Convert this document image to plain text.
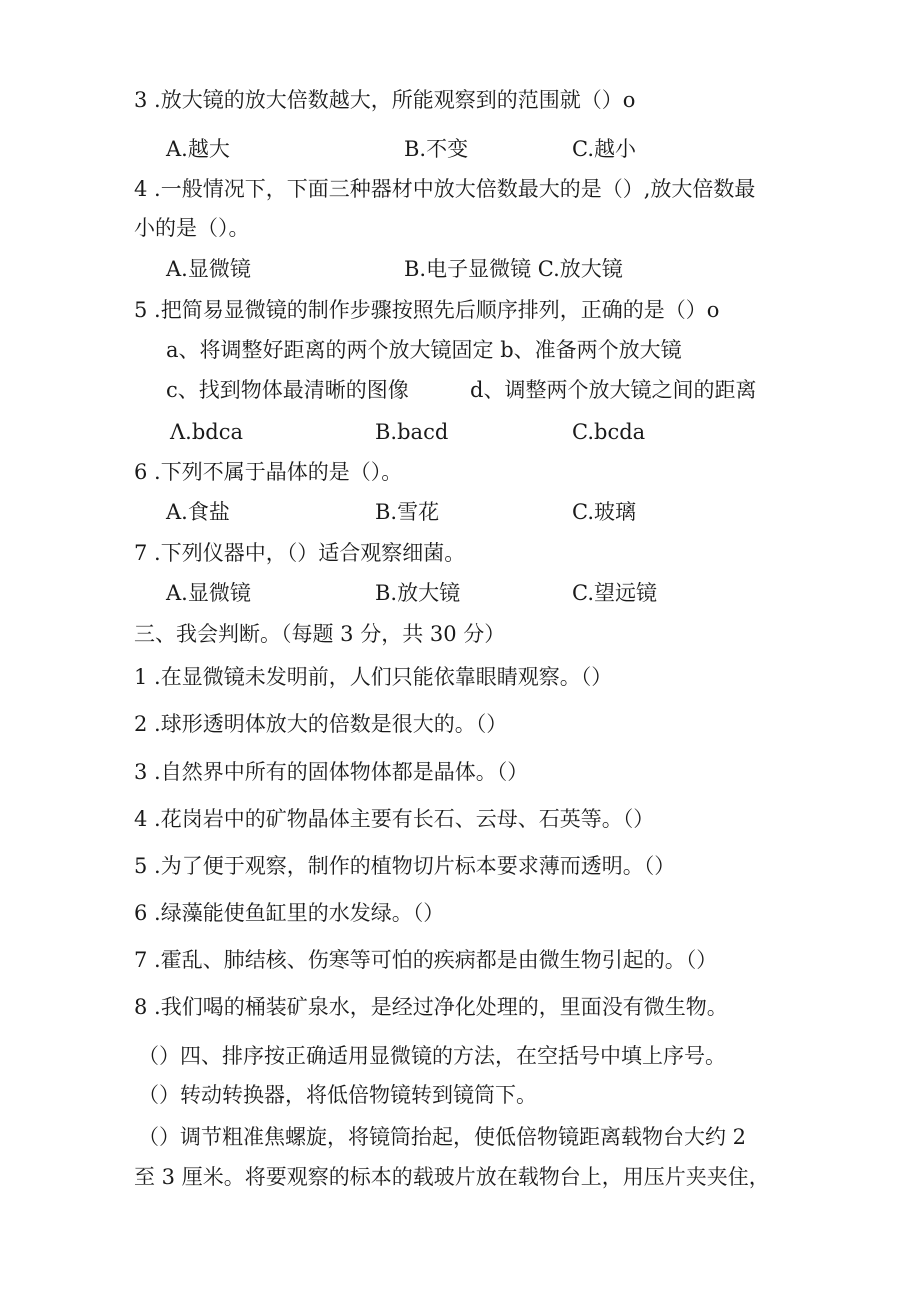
3 .放大镜的放大倍数越大，所能观察到的范围就（）o
A.越大	B.不变	C.越小
4 .一般情况下，下面三种器材中放大倍数最大的是（）,放大倍数最
小的是（）。
A.显微镜	B.电子显微镜 C.放大镜
5 .把简易显微镜的制作步骤按照先后顺序排列，正确的是（）o
a、将调整好距离的两个放大镜固定 b、准备两个放大镜
c、找到物体最清晰的图像	d、调整两个放大镜之间的距离
Λ.bdca	B.bacd	C.bcda
6 .下列不属于晶体的是（）。
A.食盐	B.雪花	C.玻璃
7 .下列仪器中，（）适合观察细菌。
A.显微镜	B.放大镜	C.望远镜
三、我会判断。（每题 3 分，共 30 分）
1 .在显微镜未发明前，人们只能依靠眼睛观察。（）
2 .球形透明体放大的倍数是很大的。（）
3 .自然界中所有的固体物体都是晶体。（）
4 .花岗岩中的矿物晶体主要有长石、云母、石英等。（）
5 .为了便于观察，制作的植物切片标本要求薄而透明。（）
6 .绿藻能使鱼缸里的水发绿。（）
7 .霍乱、肺结核、伤寒等可怕的疾病都是由微生物引起的。（）
8 .我们喝的桶装矿泉水，是经过净化处理的，里面没有微生物。
（）四、排序按正确适用显微镜的方法，在空括号中填上序号。
（）转动转换器，将低倍物镜转到镜筒下。
（）调节粗准焦螺旋，将镜筒抬起，使低倍物镜距离载物台大约 2
至 3 厘米。将要观察的标本的载玻片放在载物台上，用压片夹夹住，
